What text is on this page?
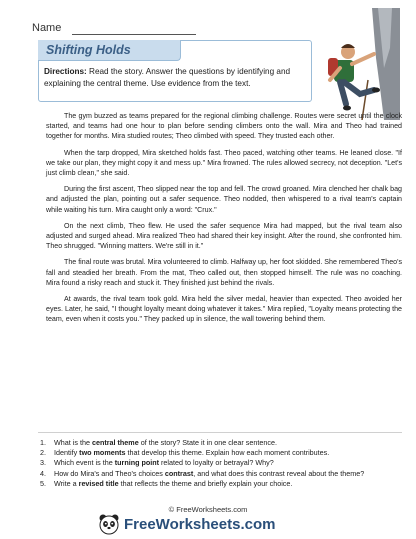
Name
Shifting Holds
Directions: Read the story. Answer the questions by identifying and explaining the central theme. Use evidence from the text.

The gym buzzed as teams prepared for the regional climbing challenge. Routes were secret until the clock started, and teams had one hour to plan before sending climbers onto the wall. Mira and Theo had trained together for months. Mira studied routes; Theo climbed with speed. They trusted each other.

When the tarp dropped, Mira sketched holds fast. Theo paced, watching other teams. He leaned close. "If we take our plan, they might copy it and mess up." Mira frowned. The rules allowed secrecy, not deception. "Let's just climb clean," she said.

During the first ascent, Theo slipped near the top and fell. The crowd groaned. Mira clenched her chalk bag and adjusted the plan, pointing out a safer sequence. Theo nodded, then whispered to a rival team's captain while waiting his turn. Mira caught only a word: "Crux."

On the next climb, Theo flew. He used the safer sequence Mira had mapped, but the rival team also adjusted and surged ahead. Mira realized Theo had shared their key insight. After the round, she confronted him. Theo shrugged. "Winning matters. We're still in it."

The final route was brutal. Mira volunteered to climb. Halfway up, her foot skidded. She remembered Theo's fall and steadied her breath. From the mat, Theo called out, then stopped himself. The rule was no coaching. Mira found a risky reach and stuck it. They finished just behind the rivals.

At awards, the rival team took gold. Mira held the silver medal, heavier than expected. Theo avoided her eyes. Later, he said, "I thought loyalty meant doing whatever it takes." Mira replied, "Loyalty means protecting the team, even when it costs you." They packed up in silence, the wall towering behind them.

1. What is the central theme of the story? State it in one clear sentence.
2. Identify two moments that develop this theme. Explain how each moment contributes.
3. Which event is the turning point related to loyalty or betrayal? Why?
4. How do Mira's and Theo's choices contrast, and what does this contrast reveal about the theme?
5. Write a revised title that reflects the theme and briefly explain your choice.
© FreeWorksheets.com
FreeWorksheets.com
